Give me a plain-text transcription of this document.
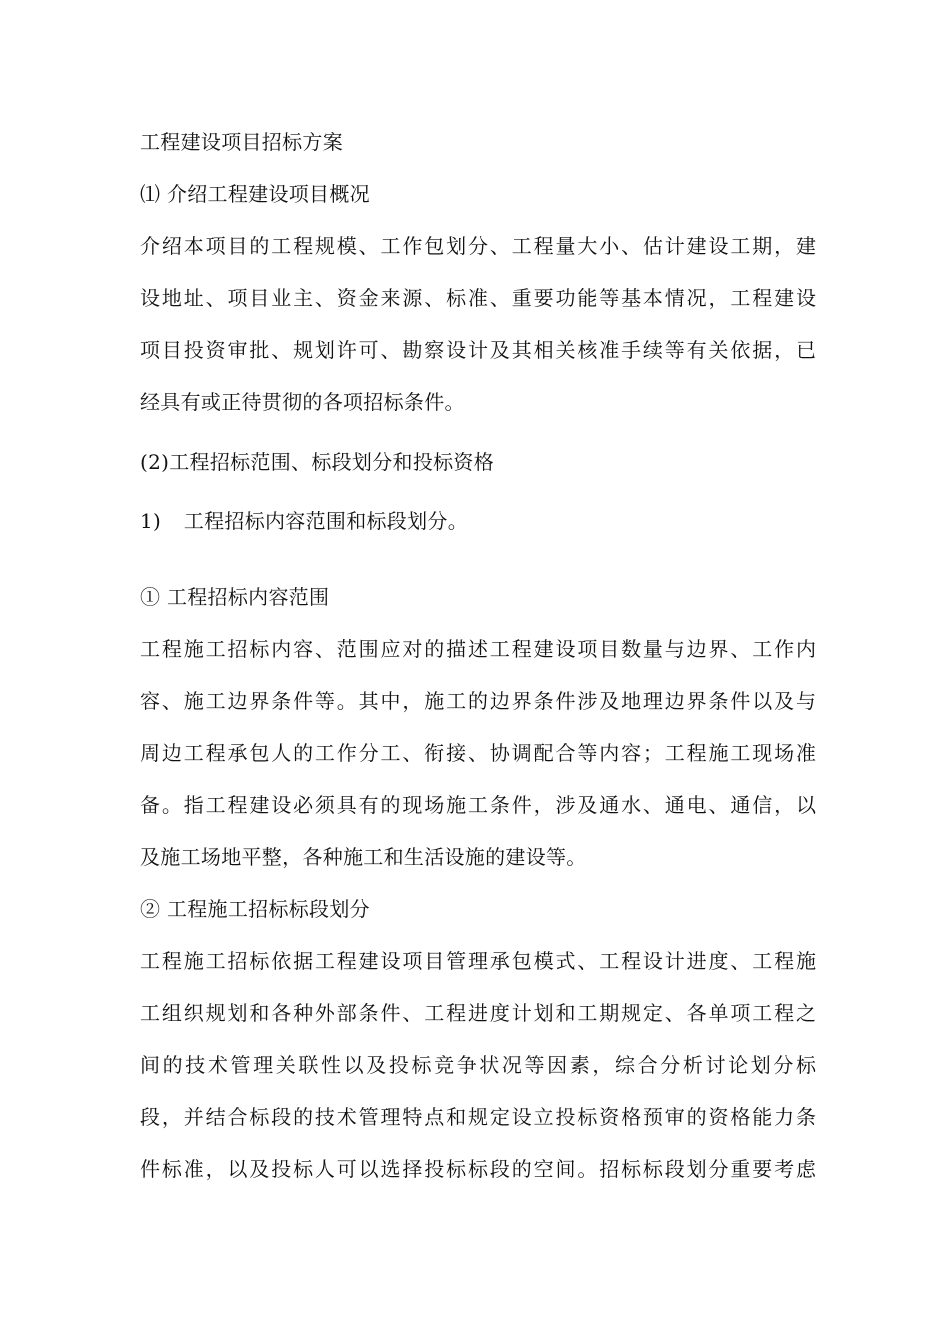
工程建设项目招标方案
⑴ 介绍工程建设项目概况
介绍本项目的工程规模、工作包划分、工程量大小、估计建设工期，建
设地址、项目业主、资金来源、标准、重要功能等基本情况，工程建设
项目投资审批、规划许可、勘察设计及其相关核准手续等有关依据，已
经具有或正待贯彻的各项招标条件。
(2)工程招标范围、标段划分和投标资格
1) 工程招标内容范围和标段划分。
① 工程招标内容范围
工程施工招标内容、范围应对的描述工程建设项目数量与边界、工作内
容、施工边界条件等。其中，施工的边界条件涉及地理边界条件以及与
周边工程承包人的工作分工、衔接、协调配合等内容；工程施工现场准
备。指工程建设必须具有的现场施工条件，涉及通水、通电、通信，以
及施工场地平整，各种施工和生活设施的建设等。
② 工程施工招标标段划分
工程施工招标依据工程建设项目管理承包模式、工程设计进度、工程施
工组织规划和各种外部条件、工程进度计划和工期规定、各单项工程之
间的技术管理关联性以及投标竞争状况等因素，综合分析讨论划分标
段，并结合标段的技术管理特点和规定设立投标资格预审的资格能力条
件标准，以及投标人可以选择投标标段的空间。招标标段划分重要考虑
